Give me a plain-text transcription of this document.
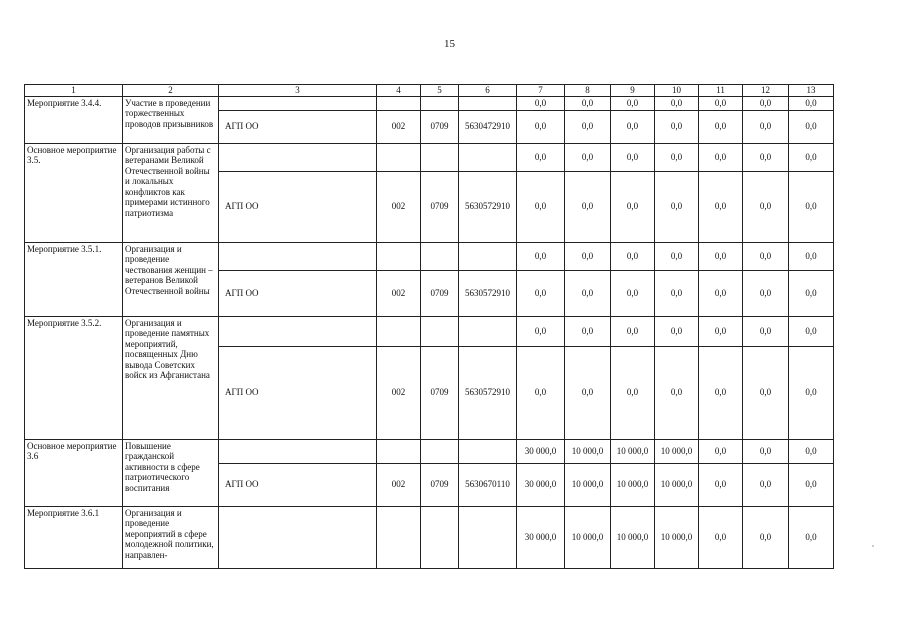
15
1	2	3	4	5	6	7	8	9	10	11	12	13
Мероприятие 3.4.4.	Участие в проведении торжественных проводов призывников					0,0	0,0	0,0	0,0	0,0	0,0	0,0
		АГП ОО	002	0709	5630472910	0,0	0,0	0,0	0,0	0,0	0,0	0,0
Основное мероприятие 3.5.	Организация работы с ветеранами Великой Отечественной войны и локальных конфликтов как примерами истинного патриотизма					0,0	0,0	0,0	0,0	0,0	0,0	0,0
		АГП ОО	002	0709	5630572910	0,0	0,0	0,0	0,0	0,0	0,0	0,0
Мероприятие 3.5.1.	Организация и проведение чествования женщин – ветеранов Великой Отечественной войны					0,0	0,0	0,0	0,0	0,0	0,0	0,0
		АГП ОО	002	0709	5630572910	0,0	0,0	0,0	0,0	0,0	0,0	0,0
Мероприятие 3.5.2.	Организация и проведение памятных мероприятий, посвященных Дню вывода Советских войск из Афганистана					0,0	0,0	0,0	0,0	0,0	0,0	0,0
		АГП ОО	002	0709	5630572910	0,0	0,0	0,0	0,0	0,0	0,0	0,0
Основное мероприятие 3.6	Повышение гражданской активности в сфере патриотического воспитания					30 000,0	10 000,0	10 000,0	10 000,0	0,0	0,0	0,0
		АГП ОО	002	0709	5630670110	30 000,0	10 000,0	10 000,0	10 000,0	0,0	0,0	0,0
Мероприятие 3.6.1	Организация и проведение мероприятий в сфере молодежной политики, направлен-					30 000,0	10 000,0	10 000,0	10 000,0	0,0	0,0	0,0
